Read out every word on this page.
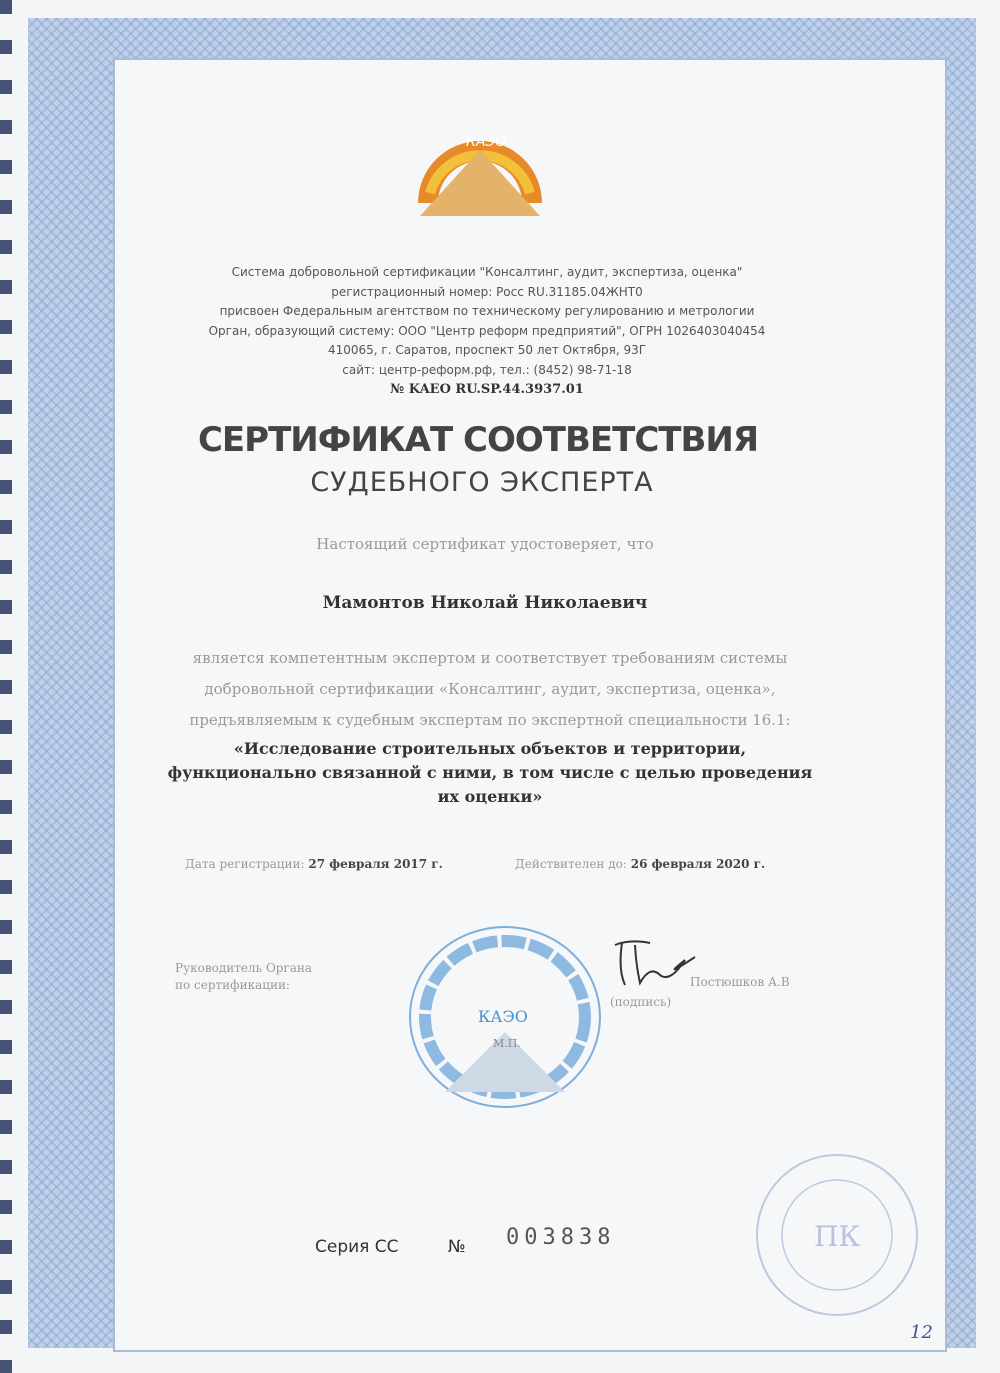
КАЭО
Система добровольной сертификации "Консалтинг, аудит, экспертиза, оценка"
регистрационный номер: Росс RU.31185.04ЖНТ0
присвоен Федеральным агентством по техническому регулированию и метрологии
Орган, образующий систему: ООО "Центр реформ предприятий", ОГРН 1026403040454
410065, г. Саратов, проспект 50 лет Октября, 93Г
сайт: центр-реформ.рф, тел.: (8452) 98-71-18
№ KAEO RU.SP.44.3937.01
СЕРТИФИКАТ СООТВЕТСТВИЯ
СУДЕБНОГО ЭКСПЕРТА
Настоящий сертификат удостоверяет, что
Мамонтов Николай Николаевич
является компетентным экспертом и соответствует требованиям системы
добровольной сертификации «Консалтинг, аудит, экспертиза, оценка»,
предъявляемым к судебным экспертам по экспертной специальности 16.1:
«Исследование строительных объектов и территории,
функционально связанной с ними, в том числе с целью проведения
их оценки»
Дата регистрации: 27 февраля 2017 г.	Действителен до: 26 февраля 2020 г.
Руководитель Органа
по сертификации:
КАЭО
М.П.
Постюшков А.В
(подпись)
ПК
Серия СС	№ 003838
12
